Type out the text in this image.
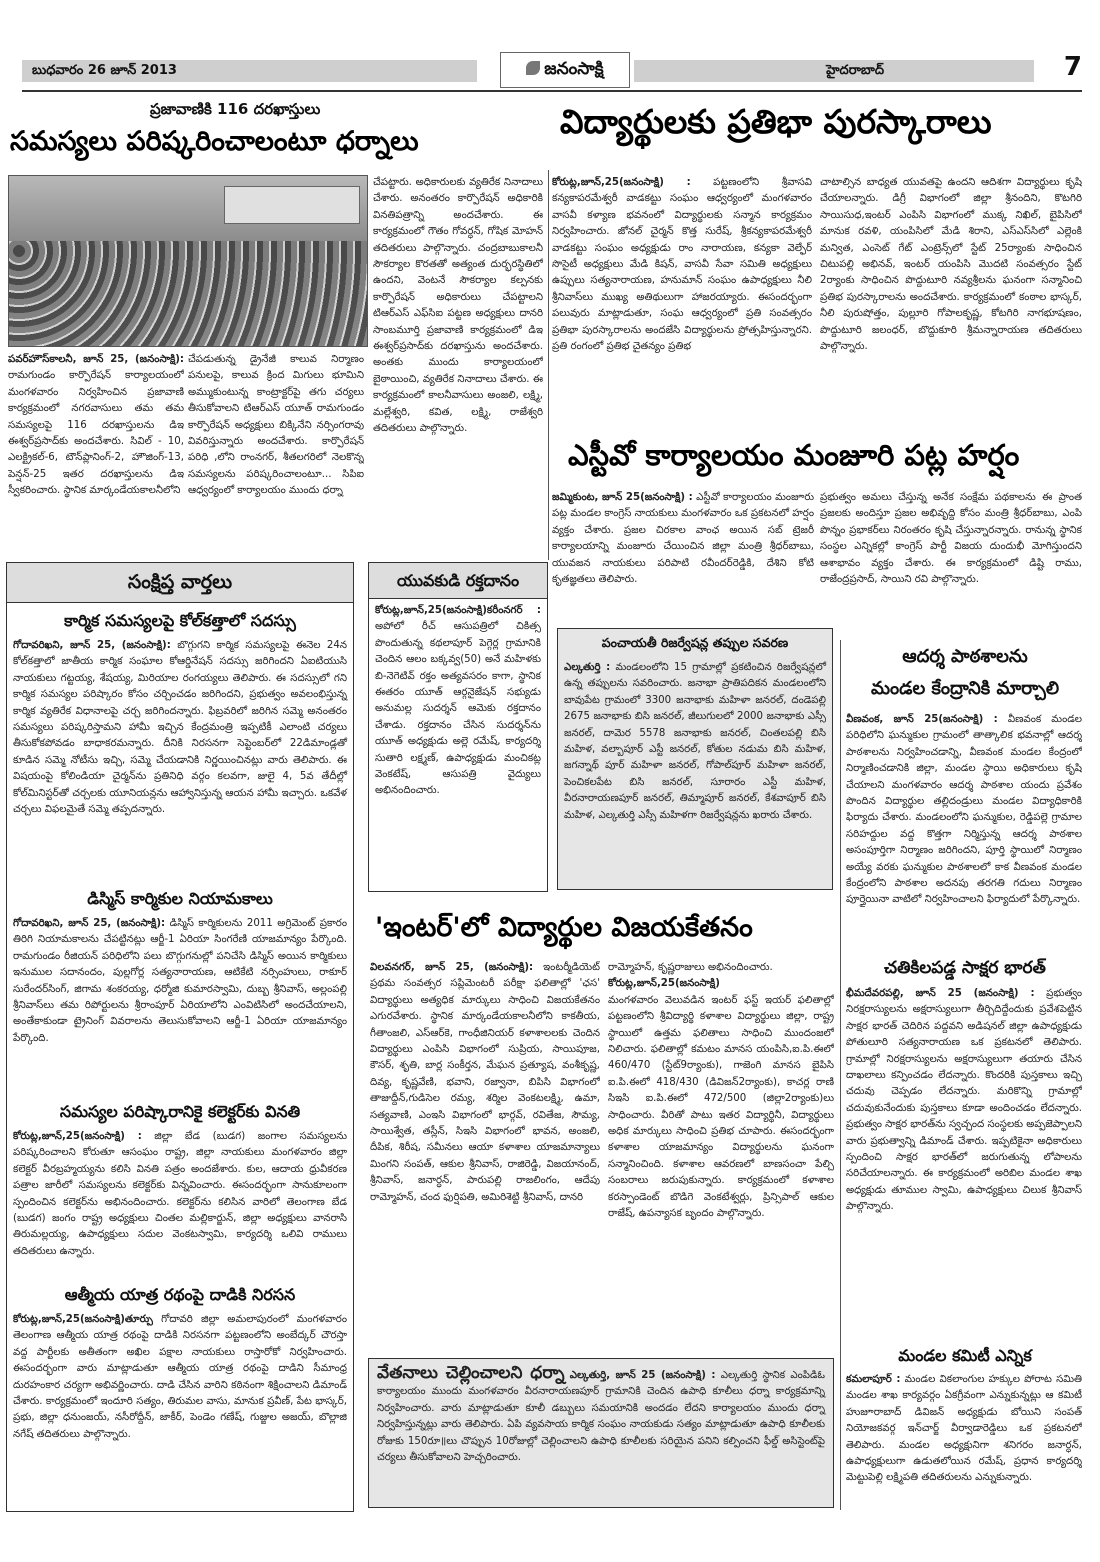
బుధవారం 26 జూన్‌ 2013	జనంసాక్షి	హైదరాబాద్‌	7
ప్రజావాణికి 116 దరఖాస్తులు
సమస్యలు పరిష్కరించాలంటూ ధర్నాలు
పవర్‌హౌస్‌కాలనీ, జూన్‌ 25, (జనంసాక్షి): రామగుండం కార్పొరేషన్‌ కార్యాలయంలో మంగళవారం నిర్వహించిన ప్రజావాణి కార్యక్రమంలో నగరవాసులు తమ తమ సమస్యలపై 116 దరఖాస్తులను డిఇ ఈశ్వర్‌ప్రసాద్‌కు అందచేశారు. సివిల్‌ - 10, ఎలక్ట్రికల్‌-6, టౌన్‌ప్లానింగ్‌-2, హౌజింగ్‌-13, పెన్షన్‌-25 ఇతర దరఖాస్తులను డిఇ స్వీకరించారు. స్థానిక మార్కండేయకాలనీలోని
చేపడుతున్న డ్రైనేజీ కాలువ నిర్మాణం పనులపై, కాలువ క్రింద మిగులు భూమిని అమ్ముకుంటున్న కాంట్రాక్టర్‌పై తగు చర్యలు తీసుకోవాలని టిఆర్‌ఎస్‌ యూత్‌ రామగుండం కార్పొరేషన్‌ అధ్యక్షులు బిక్కినేని నర్సింగరావు వివరిస్తున్నారు అందచేశారు. కార్పొరేషన్‌ పరిధి ,లోని రాంనగర్‌, శీతలగరిలో నెలకొన్న సమస్యలను పరిష్కరించాలంటూ... సిపిఐ ఆధ్వర్యంలో కార్యాలయం ముందు ధర్నా
చేపట్టారు. అధికారులకు వ్యతిరేక నినాదాలు చేశారు. అనంతరం కార్పొరేషన్‌ అధికారికి వినతిపత్రాన్ని అందచేశారు. ఈ కార్యక్రమంలో గౌతం గోవర్ధన్‌, గోషిక మోహన్‌ తదితరులు పాల్గొన్నారు. చంద్రబాబుకాలనీ సౌకర్యాల కొరతతో అత్యంత దుర్భరస్థితిలో ఉందని, వెంటనే సౌకర్యాల కల్పనకు కార్పొరేషన్‌ అధికారులు చేపట్టాలని టిఆర్‌ఎస్‌ ఎఫ్‌సిఐ పట్టణ అధ్యక్షులు దానరి సాంబమూర్తి ప్రజావాణి కార్యక్రమంలో డిఇ ఈశ్వర్‌ప్రసాద్‌కు దరఖాస్తును అందచేశారు. అంతకు ముందు కార్యాలయంలో బైఠాయించి, వ్యతిరేక నినాదాలు చేశారు. ఈ కార్యక్రమంలో కాలనీవాసులు అంజలి, లక్ష్మి, మల్లేశ్వరి, కవిత, లక్ష్మి, రాజేశ్వరి తదితరులు పాల్గొన్నారు.
విద్యార్థులకు ప్రతిభా పురస్కారాలు
కోరుట్ల,జూన్‌,25(జనంసాక్షి) : పట్టణంలోని శ్రీవాసవి కన్యకాపరమేశ్వరీ వాడకట్టు సంఘం ఆధ్వర్యంలో మంగళవారం వాసవీ కళ్యాణ భవనంలో విద్యార్థులకు సన్మాన కార్యక్రమం నిర్వహించారు. జోనల్‌ చైర్మన్‌ కొత్త సురేష్‌, శ్రీకన్యకాపరమేశ్వరీ వాడకట్టు సంఘం అధ్యక్షుడు రాం నారాయణ, కన్యకా వెల్ఫేర్‌ సొసైటీ అధ్యక్షులు మేడి కిషన్‌, వాసవీ సేవా సమితి అధ్యక్షులు ఉప్పులు సత్యనారాయణ, హనుమాన్‌ సంఘం ఉపాధ్యక్షులు నీలి శ్రీనివాస్‌లు ముఖ్య అతిథులుగా హాజరయ్యారు. ఈసందర్భంగా పలువురు మాట్లాడుతూ, సంఘ ఆధ్వర్యంలో ప్రతి సంవత్సరం ప్రతిభా పురస్కారాలను అందజేసి విద్యార్థులను ప్రోత్సహిస్తున్నారని. ప్రతి రంగంలో ప్రతిభ చైతన్యం ప్రతిభ
చాటాల్సిన బాధ్యత యువతపై ఉందని ఆదిశగా విద్యార్థులు కృషి చేయాలన్నారు. డిగ్రీ విభాగంలో జిల్లా శ్రీనందిని, కొటగిరి సాయిసుధ,ఇంటర్‌ ఎంపిసి విభాగంలో ముక్క నిఖిల్‌, బైపిసిలో మానుక రవళి, యంపిసిలో మేడి శిరాని, ఎస్‌ఎస్‌సిలో ఎల్లెంకి మన్విత, ఎంసెట్‌ గేట్‌ ఎంట్రెన్స్‌లో స్టేట్‌ 25ర్యాంకు సాధించిన చిటుపల్లి అభినవ్‌, ఇంటర్‌ యంపిసి మొదటి సంవత్సరం స్టేట్‌ 2ర్యాంకు సాధించిన పొద్దుటూరి నవ్యశ్రీలను ఘనంగా సన్మానించి ప్రతిభ పురస్కారాలను అందచేశారు. కార్యక్రమంలో కంఠాల భాస్కర్‌, నీలి పురుషోత్తం, పుల్లూరి గోపాలకృష్ణ, కోటగిరి నాగభూషణం, పొద్దుటూరి జలంధర్‌, బొద్దుకూరి శ్రీమన్నారాయణ తదితరులు పాల్గొన్నారు.
ఎస్టీవో కార్యాలయం మంజూరి పట్ల హర్షం
జమ్మికుంట, జూన్‌ 25(జనంసాక్షి) : ఎస్టీవో కార్యాలయం మంజూరు పట్ల మండల కాంగ్రెస్‌ నాయకులు మంగళవారం ఒక ప్రకటనలో హర్షం వ్యక్తం చేశారు. ప్రజల చిరకాల వాంఛ అయిన సబ్‌ ట్రెజరీ కార్యాలయాన్ని మంజూరు చేయించిన జిల్లా మంత్రి శ్రీధర్‌బాబు, యువజన నాయకులు పరిపాటి రవీందర్‌రెడ్డికి, దేశిని కోటి కృతజ్ఞతలు తెలిపారు.
ప్రభుత్వం అమలు చేస్తున్న అనేక సంక్షేమ పథకాలను ఈ ప్రాంత ప్రజలకు అందిస్తూ ప్రజల అభివృద్ది కోసం మంత్రి శ్రీధర్‌బాబు, ఎంపి పొన్నం ప్రభాకర్‌లు నిరంతరం కృషి చేస్తున్నారన్నారు. రానున్న స్థానిక సంస్థల ఎన్నికల్లో కాంగ్రెస్‌ పార్టీ విజయ దుందుభీ మోగిస్తుందని ఆశాభావం వ్యక్తం చేశారు. ఈ కార్యక్రమంలో డిష్టి రాము, రాజేంద్రప్రసాద్‌, సాయిని రవి పాల్గొన్నారు.
సంక్షిప్త వార్తలు
కార్మిక సమస్యలపై కోల్‌కత్తాలో సదస్సు
గోదావరిఖని, జూన్‌ 25, (జనంసాక్షి): బొగ్గుగని కార్మిక సమస్యలపై ఈనెల 24న కోల్‌కత్తాలో జాతీయ కార్మిక సంఘాల కోఆర్డినేషన్‌ సదస్సు జరిగిందని ఏఐటియుసి నాయకులు గట్టయ్య, శేషయ్య, మిరియాల రంగయ్యలు తెలిపారు. ఈ సదస్సులో గని కార్మిక సమస్యల పరిష్కారం కోసం చర్చించడం జరిగిందని, ప్రభుత్వం అవలంభిస్తున్న కార్మిక వ్యతిరేక విధానాలపై చర్చ జరిగిందన్నారు. ఫిబ్రవరిలో జరిగిన సమ్మె అనంతరం సమస్యలు పరిష్కరిస్తామని హామీ ఇచ్చిన కేంద్రమంత్రి ఇప్పటికీ ఎలాంటి చర్యలు తీసుకోకపోవడం బాధాకరమన్నారు. దీనికి నిరసనగా సెప్టెంబర్‌లో 22డిమాండ్లతో కూడిన సమ్మె నోటీసు ఇచ్చి, సమ్మె చేయడానికి నిర్ణయించినట్లు వారు తెలిపారు. ఈ విషయంపై కోలిండియా చైర్మన్‌ను ప్రతినిధి వర్గం కలవగా, జులై 4, 5వ తేదీల్లో కోల్‌మినిస్టర్‌తో చర్చలకు యూనియన్లను ఆహ్వానిస్తున్న ఆయన హామీ ఇచ్చారు. ఒకవేళ చర్చలు విఫలమైతే సమ్మె తప్పదన్నారు.
డిస్మిస్‌ కార్మికుల నియామకాలు
గోదావరిఖని, జూన్‌ 25, (జనంసాక్షి): డిస్మిస్‌ కార్మికులను 2011 అగ్రిమెంట్‌ ప్రకారం తిరిగి నియామకాలను చేపట్టినట్లు ఆర్జీ-1 ఏరియా సింగరేణి యాజమాన్యం పేర్కొంది. రామగుండం రీజియన్‌ పరిధిలోని పలు బొగ్గుగనుల్లో పనిచేసి డిస్మిస్‌ అయిన కార్మికులు ఇనుముల సదానందం, పుల్లగోర్ల సత్యనారాయణ, ఆటికేటి నర్సింహులు, రాకూర్‌ సురేందర్‌సింగ్‌, జిగామ శంకరయ్య, ధర్మోజి కుమారస్వామి, దుబ్బ శ్రీనివాస్‌, అల్లంపల్లి శ్రీనివాస్‌లు తమ రిపోర్టులను శ్రీరాంపూర్‌ ఏరియాలోని ఎంవిటిసిలో అందచేయాలని, అంతేకాకుండా ట్రైనింగ్‌ వివరాలను తెలుసుకోవాలని ఆర్జీ-1 ఏరియా యాజమాన్యం పేర్కొంది.
సమస్యల పరిష్కారానికై కలెక్టర్‌కు వినతి
కోరుట్ల,జూన్‌,25(జనంసాక్షి) : జిల్లా బేడ (బుడగ) జంగాల సమస్యలను పరిష్కరించాలని కోరుతూ ఆసంఘం రాష్ట్ర, జిల్లా నాయకులు మంగళవారం జిల్లా కలెక్టర్‌ వీరబ్రహ్మయ్యను కలిసి వినతి పత్రం అందజేశారు. కుల, ఆదాయ ధ్రువీకరణ పత్రాల జారీలో సమస్యలను కలెక్టర్‌కు విన్నవించారు. ఈసందర్భంగా సానుకూలంగా స్పందించిన కలెక్టర్‌ను అభినందించారు. కలెక్టర్‌ను కలిసిన వారిలో తెలంగాణ బేడ (బుడగ) జంగం రాష్ట్ర అధ్యక్షులు చింతల మల్లికార్జున్‌, జిల్లా అధ్యక్షులు వానరాసి తిరుమల్లయ్య, ఉపాధ్యక్షులు సదుల వెంకటస్వామి, కార్యదర్శి ఒలివి రాములు తదితరులు ఉన్నారు.
ఆత్మీయ యాత్ర రథంపై దాడికి నిరసన
కోరుట్ల,జూన్‌,25(జనంసాక్షి)తూర్పు గోదావరి జిల్లా అమలాపురంలో మంగళవారం తెలంగాణ ఆత్మీయ యాత్ర రథంపై దాడికి నిరసనగా పట్టణంలోని అంబేద్కర్‌ చౌరస్తా వద్ద పార్టీలకు అతీతంగా అఖిల పక్షాల నాయకులు రాస్తారోకో నిర్వహించారు. ఈసందర్భంగా వారు మాట్లాడుతూ ఆత్మీయ యాత్ర రథంపై దాడిని సీమాంధ్ర దురహంకార చర్యగా అభివర్ణించారు. దాడి చేసిన వారిని కఠినంగా శిక్షించాలని డిమాండ్‌ చేశారు. కార్యక్రమంలో ఇందూరి సత్యం, తిరుమల వాసు, మానుక ప్రవీణ్‌, పేట భాస్కర్‌, ప్రభు, జిల్లా ధనుంజయ్‌, నసీరోద్దీన్‌, జాకీర్‌, పెండెం గణేష్‌, గుజ్జుల అజయ్‌, బొల్లాజి నగేష్‌ తదితరులు పాల్గొన్నారు.
యువకుడి రక్తదానం
కోరుట్ల,జూన్‌,25(జనంసాక్షి)కరీంనగర్‌ : అపోలో రీచ్‌ ఆసుపత్రిలో చికిత్స పొందుతున్న కథలాపూర్‌ పెగ్గెర్ల గ్రామానికి చెందిన ఆలం బక్కవ్వ(50) అనే మహిళకు బి-నెగెటివ్‌ రక్తం అత్యవసరం కాగా, స్థానిక ఈతరం యూత్‌ ఆర్గనైజేషన్‌ సభ్యుడు అనుమల్ల సుదర్శన్‌ ఆమెకు రక్తదానం చేశాడు. రక్తదానం చేసిన సుదర్శన్‌ను యూత్‌ అధ్యక్షుడు అల్లె రమేష్‌, కార్యదర్శి సుతారి లక్ష్మణ్‌, ఉపాధ్యక్షుడు మంచికట్ల వెంకటేష్‌, ఆసుపత్రి వైద్యులు అభినందించారు.
పంచాయతీ రిజర్వేషన్ల తప్పుల సవరణ
ఎల్కతుర్తి : మండలంలోని 15 గ్రామాల్లో ప్రకటించిన రిజర్వేషన్లలో ఉన్న తప్పులను సవరించారు. జనాభా ప్రాతిపదికన మండలంలోని బావుపేట గ్రామంలో 3300 జనాభాకు మహిళా జనరల్‌, దండెపల్లి 2675 జనాభాకు బిసి జనరల్‌, జీలుగులలో 2000 జనాభాకు ఎస్సీ జనరల్‌, దామెర 5578 జనాభాకు జనరల్‌, చింతలపల్లి బిసి మహిళ, వల్బాపూర్‌ ఎస్టీ జనరల్‌, కోతుల నడుమ బిసి మహిళ, జగన్నాథ్‌ పూర్‌ మహిళా జనరల్‌, గోపాల్‌పూర్‌ మహిళా జనరల్‌, పెంచికలపేట బిసి జనరల్‌, సూరారం ఎస్టీ మహిళ, వీరనారాయణపూర్‌ జనరల్‌, తిమ్మాపూర్‌ జనరల్‌, కేశవాపూర్‌ బిసి మహిళ, ఎల్కతుర్తి ఎస్సీ మహిళగా రిజర్వేషన్లను ఖరారు చేశారు.
ఆదర్శ పాఠశాలను
మండల కేంద్రానికి మార్చాలి
వీణవంక, జూన్‌ 25(జనంసాక్షి) : వీణవంక మండల పరిధిలోని ఘన్ముకుల గ్రామంలో తాత్కాలిక భవనాల్లో ఆదర్శ పాఠశాలను నిర్వహించడాన్ని, వీణవంక మండల కేంద్రంలో నిర్మాణించడానికి జిల్లా, మండల స్థాయి అధికారులు కృషి చేయాలని మంగళవారం ఆదర్శ పాఠశాల యందు ప్రవేశం పొందిన విద్యార్థుల తల్లిదండ్రులు మండల విద్యాధికారికి ఫిర్యాదు చేశారు. మండలంలోని ఘన్ముకుల, రెడ్డిపల్లె గ్రామాల సరిహద్దుల వద్ద కొత్తగా నిర్మిస్తున్న ఆదర్శ పాఠశాల అసంపూర్తిగా నిర్మాణం జరిగిందని, పూర్తి స్థాయిలో నిర్మాణం అయ్యే వరకు ఘన్ముకుల పాఠశాలలో కాక వీణవంక మండల కేంద్రంలోని పాఠశాల అదనపు తరగతి గదులు నిర్మాణం పూర్తైయినా వాటిలో నిర్వహించాలని ఫిర్యాదులో పేర్కొన్నారు.
చతికిలపడ్డ సాక్షర భారత్‌
భీమదేవరపల్లి, జూన్‌ 25 (జనంసాక్షి) : ప్రభుత్వం నిరక్షరాస్యులను అక్షరాస్యులుగా తీర్చిదిద్దేందుకు ప్రవేశపెట్టిన సాక్షర భారత్‌ చెదిరిన పద్దవని అడిషనల్‌ జిల్లా ఉపాధ్యక్షుడు పోతులూరి సత్యనారాయణ ఒక ప్రకటనలో తెలిపారు. గ్రామాల్లో నిరక్షరాస్యులను అక్షరాస్యులుగా తయారు చేసిన దాఖలాలు కన్పించడం లేదన్నారు. కొందరికి పుస్తకాలు ఇచ్చి చదువు చెప్పడం లేదన్నారు. మరికొన్ని గ్రామాల్లో చదువుకునేందుకు పుస్తకాలు కూడా అందించడం లేదన్నారు. ప్రభుత్వం సాక్షర భారత్‌ను స్వచ్ఛంద సంస్థలకు అప్పజెప్పాలని వారు ప్రభుత్వాన్ని డిమాండ్‌ చేశారు. ఇప్పటికైనా అధికారులు స్పందించి సాక్షర భారత్‌లో జరుగుతున్న లోపాలను సరిచేయాలన్నారు. ఈ కార్యక్రమంలో అరిబిల మండల శాఖ అధ్యక్షుడు తూముల స్వామి, ఉపాధ్యక్షులు చిలుక శ్రీనివాస్‌ పాల్గొన్నారు.
మండల కమిటీ ఎన్నిక
కమలాపూర్‌ : మండల వికలాంగుల హక్కుల పోరాట సమితి మండల శాఖ కార్యవర్గం ఏకగ్రీవంగా ఎన్నుకున్నట్లు ఆ కమిటీ హుజూరాబాద్‌ డివిజన్‌ అధ్యక్షుడు బోయిని సంపత్‌ నియోజకవర్గ ఇన్‌చార్జ్‌ వీర్వాడారెడ్డిలు ఒక ప్రకటనలో తెలిపారు. మండల అధ్యక్షునిగా శనిగరం జనార్ధన్‌, ఉపాధ్యక్షులుగా ఉడుతలోయిన రమేష్‌, ప్రధాన కార్యదర్శి మెట్టుపెల్లి లక్ష్మిపతి తదితరులను ఎన్నుకున్నారు.
'ఇంటర్‌'లో విద్యార్థుల విజయకేతనం
విలవనగర్‌, జూన్‌ 25, (జనంసాక్షి): ఇంటర్మీడియెట్‌ ప్రథమ సంవత్సర సప్లిమెంటరీ పరీక్షా ఫలితాల్లో 'ఛస' విద్యార్థులు అత్యధిక మార్కులు సాధించి విజయకేతనం ఎగురవేశారు. స్థానిక మార్కండేయకాలనీలోని కాకతీయ, గీతాంజలి, ఎస్‌ఆర్‌కె, గాంధీజినియర్‌ కళాశాలలకు చెందిన విద్యార్థులు ఎంపిసి విభాగంలో సుప్రియ, సాయిపూజ, కౌసర్‌, శృతి, బార్ల సంకీర్తన, మేఘన ప్రత్యూష, వంశీకృష్ణ, దివ్య, కృష్ణవేణి, భవాని, రజ్వానా, బిపిసి విభాగంలో తాజుద్దీన్‌,గుడిసెల రమ్య, శర్మిల వెంకటలక్ష్మి, ఉమా, సత్యవాణి, ఎంఇసి విభాగంలో భార్గవ్‌, రవితేజ, సౌమ్య, సాయిశ్వేత, తస్లీన్‌, సిఇసి విభాగంలో భావన, అంజలి, దీపిక, శిరీష, సమీనలు ఆయా కళాశాల యాజమాన్యాలు మింగని సంపత్‌, ఆకుల శ్రీనివాస్‌, రాజిరెడ్డి, విజయానంద్‌, శ్రీనివాస్‌, జనార్ధన్‌, పారుపల్లి రాజలింగం, ఆదేపు రామ్మోహన్‌, చంద ఫుర్షిపతి, అమిరిశెట్టి శ్రీనివాస్‌, దానరి
రామ్మోహన్‌, కృష్ణరాజులు అభినందించారు.
కోరుట్ల,జూన్‌,25(జనంసాక్షి)
మంగళవారం వెలువడిన ఇంటర్‌ ఫస్ట్‌ ఇయర్‌ ఫలితాల్లో పట్టణంలోని శ్రీవిద్యార్థి కళాశాల విద్యార్థులు జిల్లా, రాష్ట్ర స్థాయిలో ఉత్తమ ఫలితాలు సాధించి ముందంజలో నిలిచారు. ఫలితాల్లో కమటం మానస యంపిసి,ఐ.పి.ఈలో 460/470 (స్టేట్‌9ర్యాంకు), గాజెంగి మానస బైపిసి ఐ.పి.ఈలో 418/430 (డివిజన్‌2ర్యాంకు), కాచర్ల రాణి సిఇసి ఐ.పి.ఈలో 472/500 (జిల్లా2ర్యాంకు)లు సాధించారు. వీరితో పాటు ఇతర విద్యార్థినీ, విద్యార్థులు అధిక మార్కులు సాధించి ప్రతిభ చూపారు. ఈసందర్భంగా కళాశాల యాజమాన్యం విద్యార్థులను ఘనంగా సన్మానించింది. కళాశాల ఆవరణలో బాణసంచా పేల్చి సంబరాలు జరుపుకున్నారు. కార్యక్రమంలో కళాశాల కరస్పాండెంట్‌ బొడిగె వెంకటేశ్వర్లు, ప్రిన్సిపాల్‌ ఆకుల రాజేష్‌, ఉపన్యాసక బృందం పాల్గొన్నారు.
వేతనాలు చెల్లించాలని ధర్నా ఎల్కతుర్తి, జూన్‌ 25 (జనంసాక్షి) : ఎల్కతుర్తి స్థానిక ఎంపిడిఓ కార్యాలయం ముందు మంగళవారం వీరనారాయణపూర్‌ గ్రామానికి చెందిన ఉపాధి కూలీలు ధర్నా కార్యక్రమాన్ని నిర్వహించారు. వారు మాట్లాడుతూ కూలీ డబ్బులు సమయానికి అందడం లేదని కార్యాలయం ముందు ధర్నా నిర్వహిస్తున్నట్లు వారు తెలిపారు. ఏపి వ్యవసాయ కార్మిక సంఘం నాయకుడు సత్యం మాట్లాడుతూ ఉపాధి కూలీలకు రోజుకు 150రూ॥లు చొప్పున 10రోజుల్లో చెల్లించాలని ఉపాధి కూలీలకు సరియైన పనిని కల్పించని ఫీల్డ్‌ అసిస్టెంట్‌పై చర్యలు తీసుకోవాలని హెచ్చరించారు.
